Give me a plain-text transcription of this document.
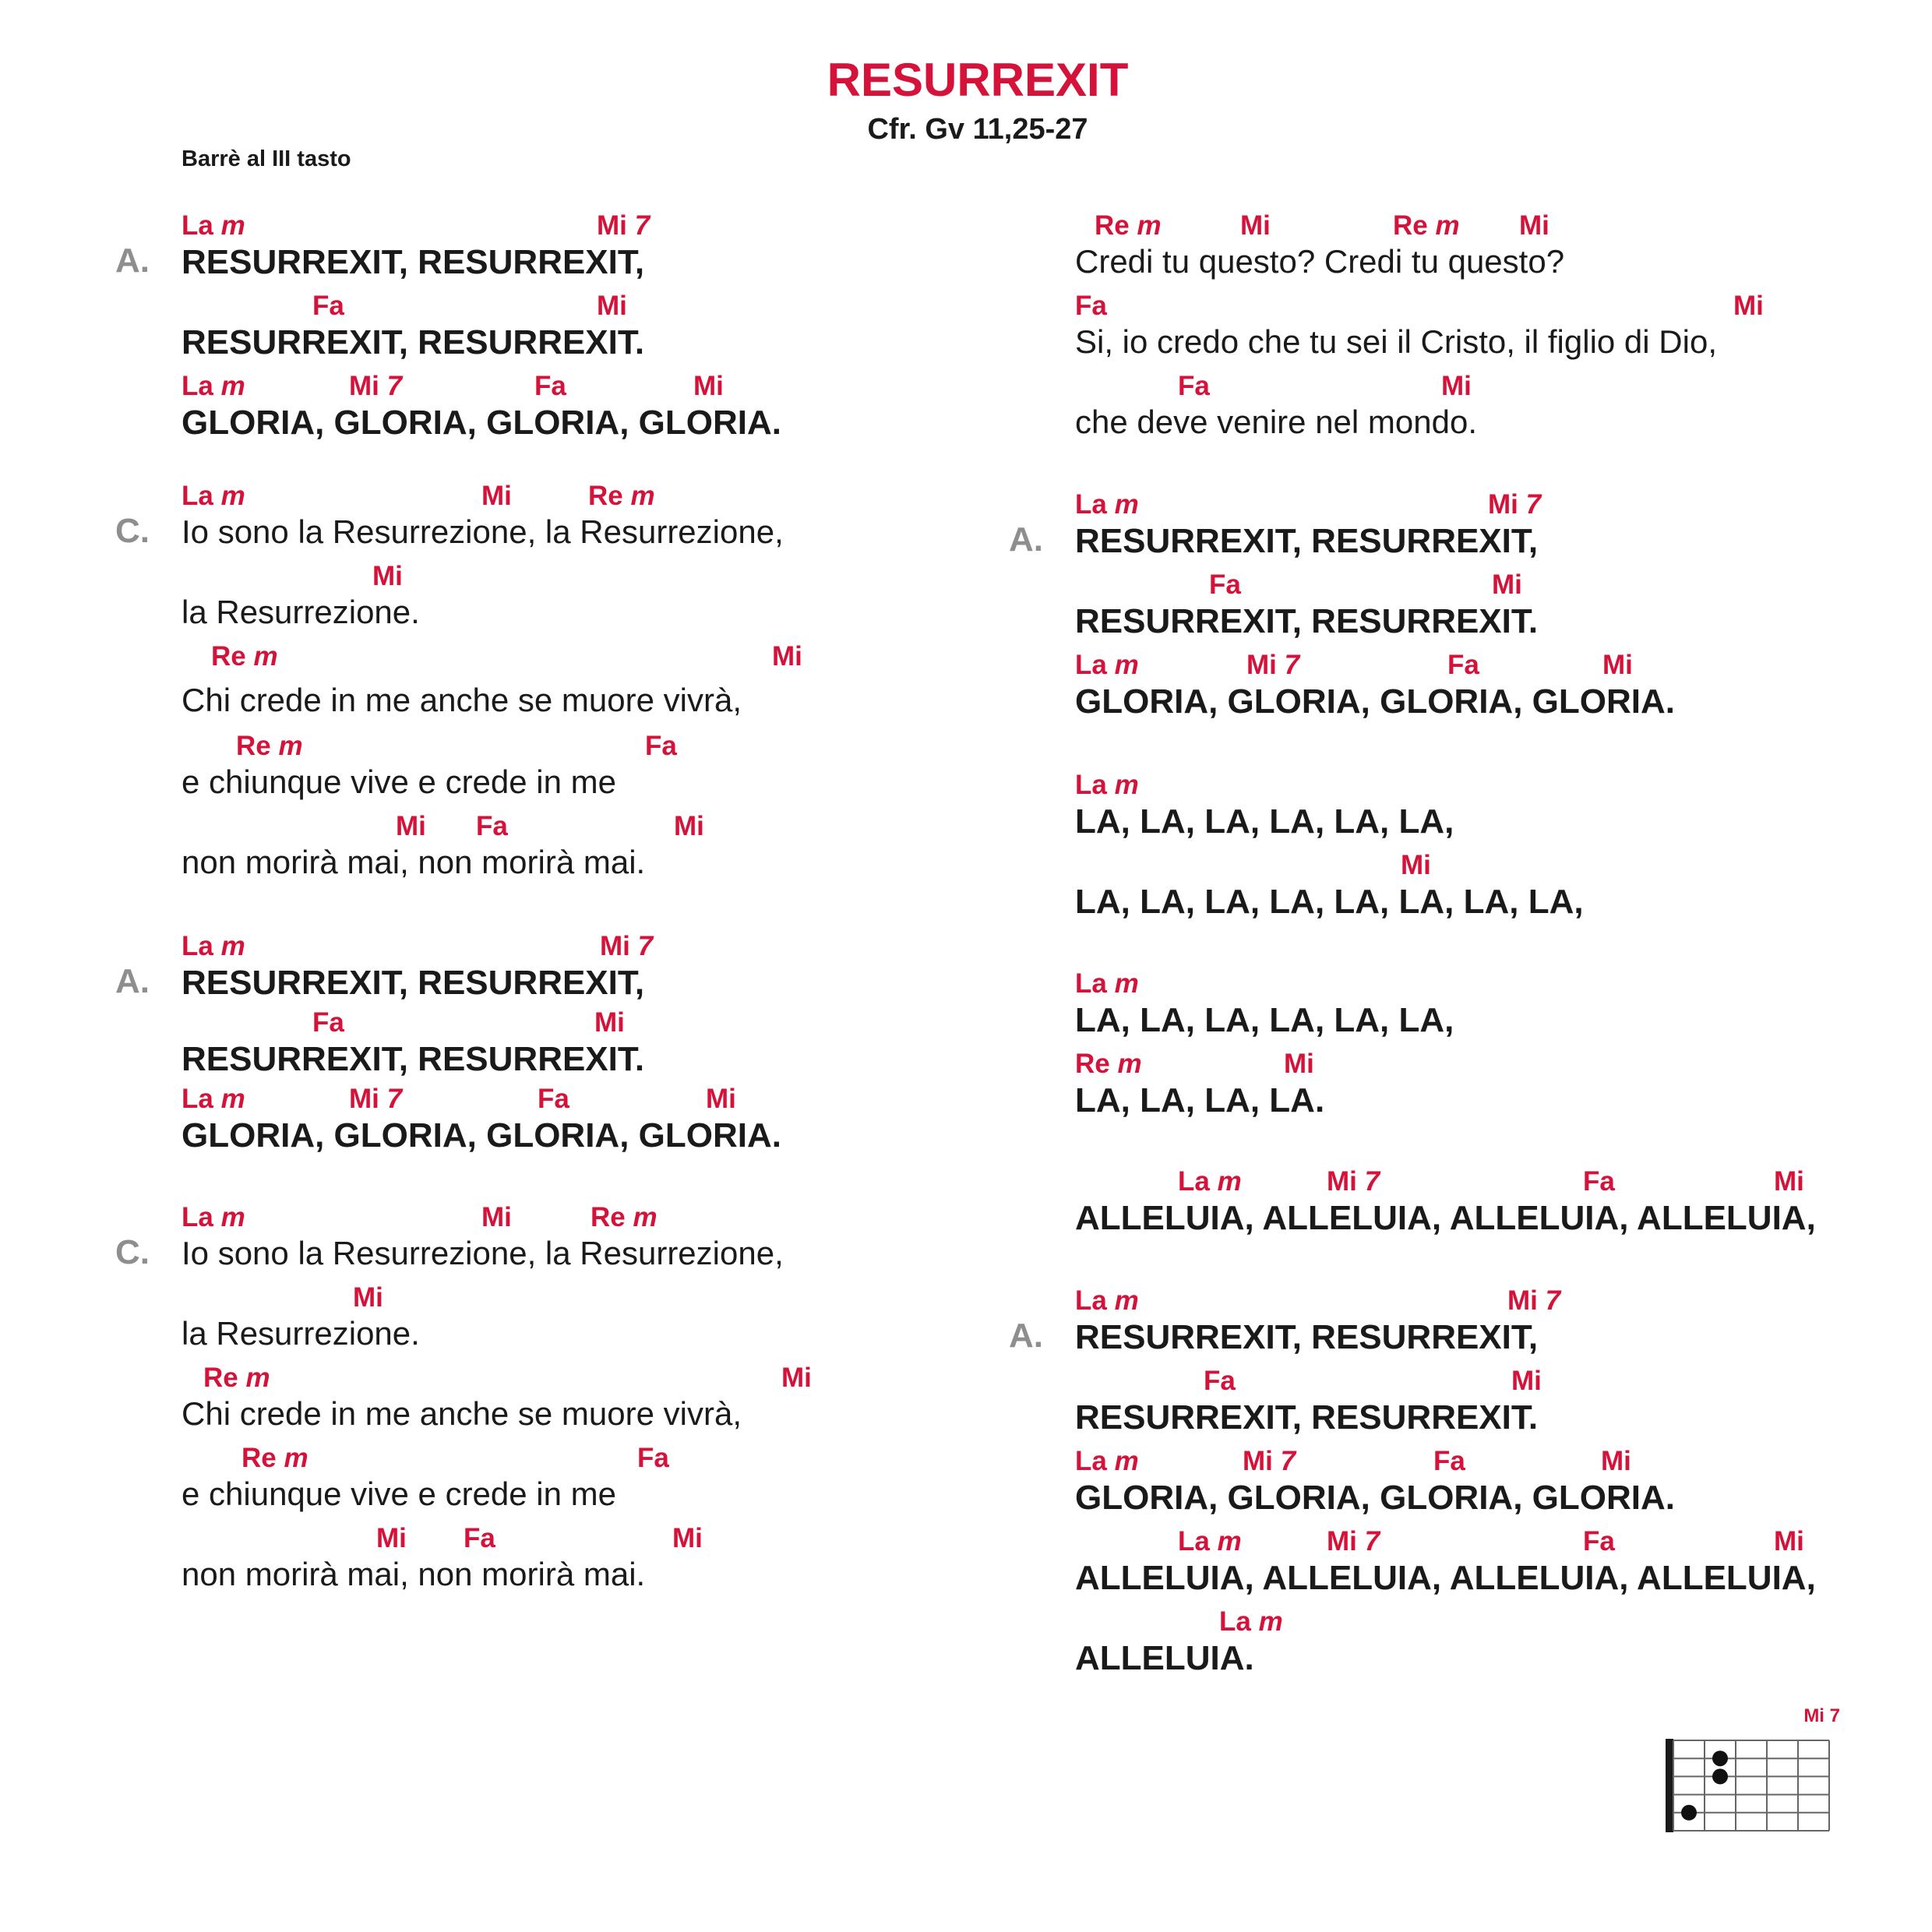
RESURREXIT
Cfr. Gv 11,25-27
Barrè al III tasto
A.
La m	Mi 7
RESURREXIT, RESURREXIT,
Fa	Mi
RESURREXIT, RESURREXIT.
La m	Mi 7	Fa	Mi
GLORIA, GLORIA, GLORIA, GLORIA.
C.
La m	Mi	Re m
Io sono la Resurrezione, la Resurrezione,
Mi
la Resurrezione.
Re m	Mi
Chi crede in me anche se muore vivrà,
Re m	Fa
e chiunque vive e crede in me
Mi Fa	Mi
non morirà mai, non morirà mai.
A.
La m	Mi 7
RESURREXIT, RESURREXIT,
Fa	Mi
RESURREXIT, RESURREXIT.
La m	Mi 7	Fa	Mi
GLORIA, GLORIA, GLORIA, GLORIA.
C.
La m	Mi	Re m
Io sono la Resurrezione, la Resurrezione,
Mi
la Resurrezione.
Re m	Mi
Chi crede in me anche se muore vivrà,
Re m	Fa
e chiunque vive e crede in me
Mi Fa	Mi
non morirà mai, non morirà mai.
Re m	Mi	Re m Mi
Credi tu questo? Credi tu questo?
Fa	Mi
Si, io credo che tu sei il Cristo, il figlio di Dio,
Fa	Mi
che deve venire nel mondo.
A.
La m	Mi 7
RESURREXIT, RESURREXIT,
Fa	Mi
RESURREXIT, RESURREXIT.
La m	Mi 7	Fa	Mi
GLORIA, GLORIA, GLORIA, GLORIA.
La m
LA, LA, LA, LA, LA, LA,
Mi
LA, LA, LA, LA, LA, LA, LA, LA,
La m
LA, LA, LA, LA, LA, LA,
Re m	Mi
LA, LA, LA, LA.
La m	Mi 7	Fa	Mi
ALLELUIA, ALLELUIA, ALLELUIA, ALLELUIA,
A.
La m	Mi 7
RESURREXIT, RESURREXIT,
Fa	Mi
RESURREXIT, RESURREXIT.
La m	Mi 7	Fa	Mi
GLORIA, GLORIA, GLORIA, GLORIA.
La m	Mi 7	Fa	Mi
ALLELUIA, ALLELUIA, ALLELUIA, ALLELUIA,
La m
ALLELUIA.
Mi 7
